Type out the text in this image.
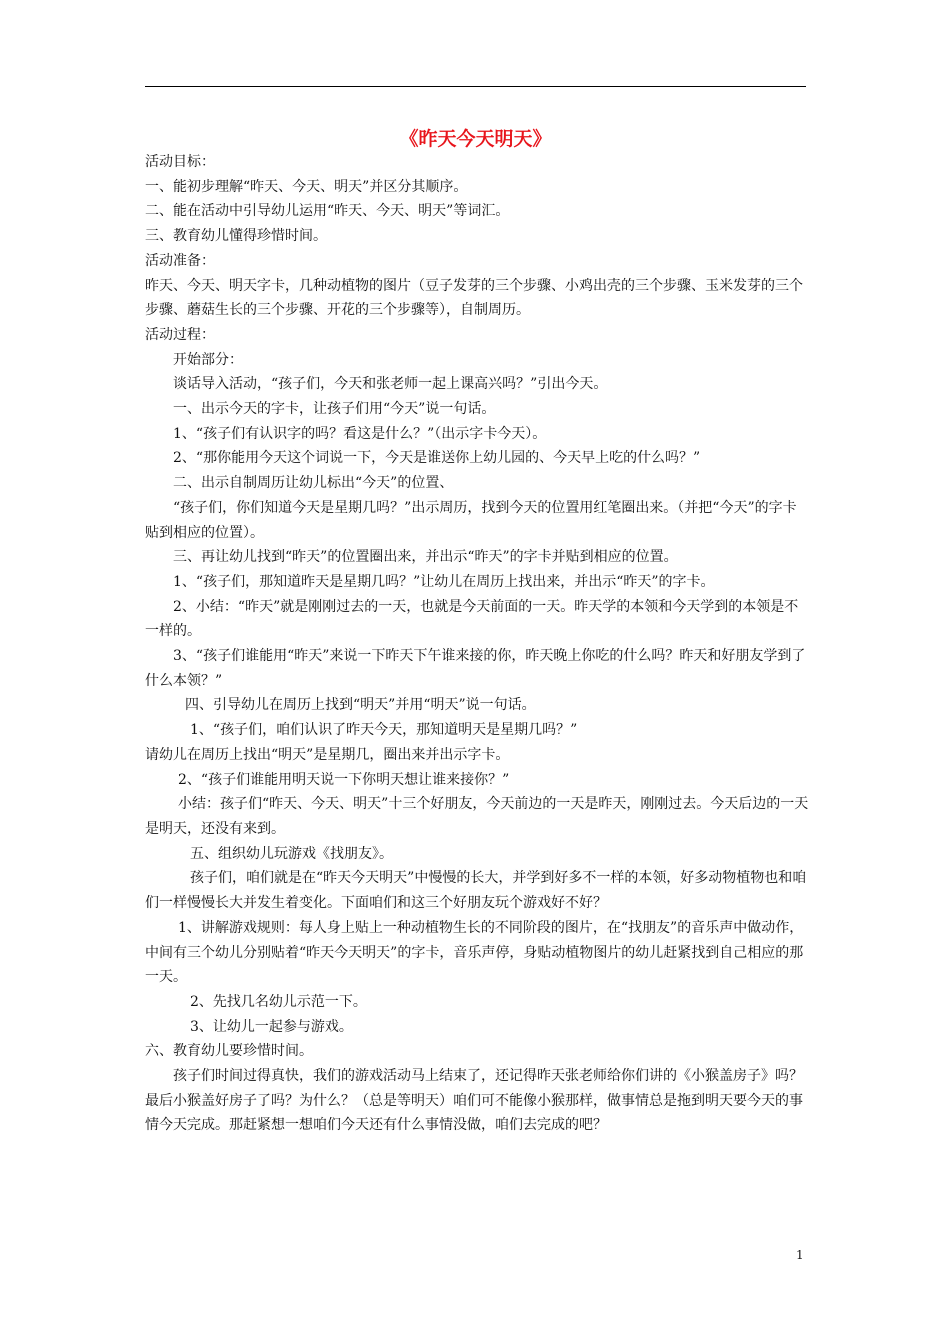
《昨天今天明天》

活动目标：

一、能初步理解“昨天、今天、明天”并区分其顺序。

二、能在活动中引导幼儿运用“昨天、今天、明天”等词汇。

三、教育幼儿懂得珍惜时间。

活动准备：

昨天、今天、明天字卡，几种动植物的图片（豆子发芽的三个步骤、小鸡出壳的三个步骤、玉米发芽的三个步骤、蘑菇生长的三个步骤、开花的三个步骤等），自制周历。

活动过程：

开始部分：

谈话导入活动，“孩子们，今天和张老师一起上课高兴吗？”引出今天。

一、出示今天的字卡，让孩子们用“今天”说一句话。

1、“孩子们有认识字的吗？看这是什么？”（出示字卡今天）。

2、“那你能用今天这个词说一下，今天是谁送你上幼儿园的、今天早上吃的什么吗？”

二、出示自制周历让幼儿标出“今天”的位置、

“孩子们，你们知道今天是星期几吗？”出示周历，找到今天的位置用红笔圈出来。（并把“今天”的字卡贴到相应的位置）。

三、再让幼儿找到“昨天”的位置圈出来，并出示“昨天”的字卡并贴到相应的位置。

1、“孩子们，那知道昨天是星期几吗？”让幼儿在周历上找出来，并出示“昨天”的字卡。

2、小结：“昨天”就是刚刚过去的一天，也就是今天前面的一天。昨天学的本领和今天学到的本领是不一样的。

3、“孩子们谁能用“昨天”来说一下昨天下午谁来接的你，昨天晚上你吃的什么吗？昨天和好朋友学到了什么本领？”

四、引导幼儿在周历上找到“明天”并用“明天”说一句话。

1、“孩子们，咱们认识了昨天今天，那知道明天是星期几吗？”

请幼儿在周历上找出“明天”是星期几，圈出来并出示字卡。

2、“孩子们谁能用明天说一下你明天想让谁来接你？”

小结：孩子们“昨天、今天、明天”十三个好朋友，今天前边的一天是昨天，刚刚过去。今天后边的一天是明天，还没有来到。

五、组织幼儿玩游戏《找朋友》。

孩子们，咱们就是在“昨天今天明天”中慢慢的长大，并学到好多不一样的本领，好多动物植物也和咱们一样慢慢长大并发生着变化。下面咱们和这三个好朋友玩个游戏好不好？

1、讲解游戏规则：每人身上贴上一种动植物生长的不同阶段的图片，在“找朋友”的音乐声中做动作，中间有三个幼儿分别贴着“昨天今天明天”的字卡，音乐声停，身贴动植物图片的幼儿赶紧找到自己相应的那一天。

2、先找几名幼儿示范一下。

3、让幼儿一起参与游戏。

六、教育幼儿要珍惜时间。

孩子们时间过得真快，我们的游戏活动马上结束了，还记得昨天张老师给你们讲的《小猴盖房子》吗？最后小猴盖好房子了吗？为什么？（总是等明天）咱们可不能像小猴那样，做事情总是拖到明天要今天的事情今天完成。那赶紧想一想咱们今天还有什么事情没做，咱们去完成的吧？

1
